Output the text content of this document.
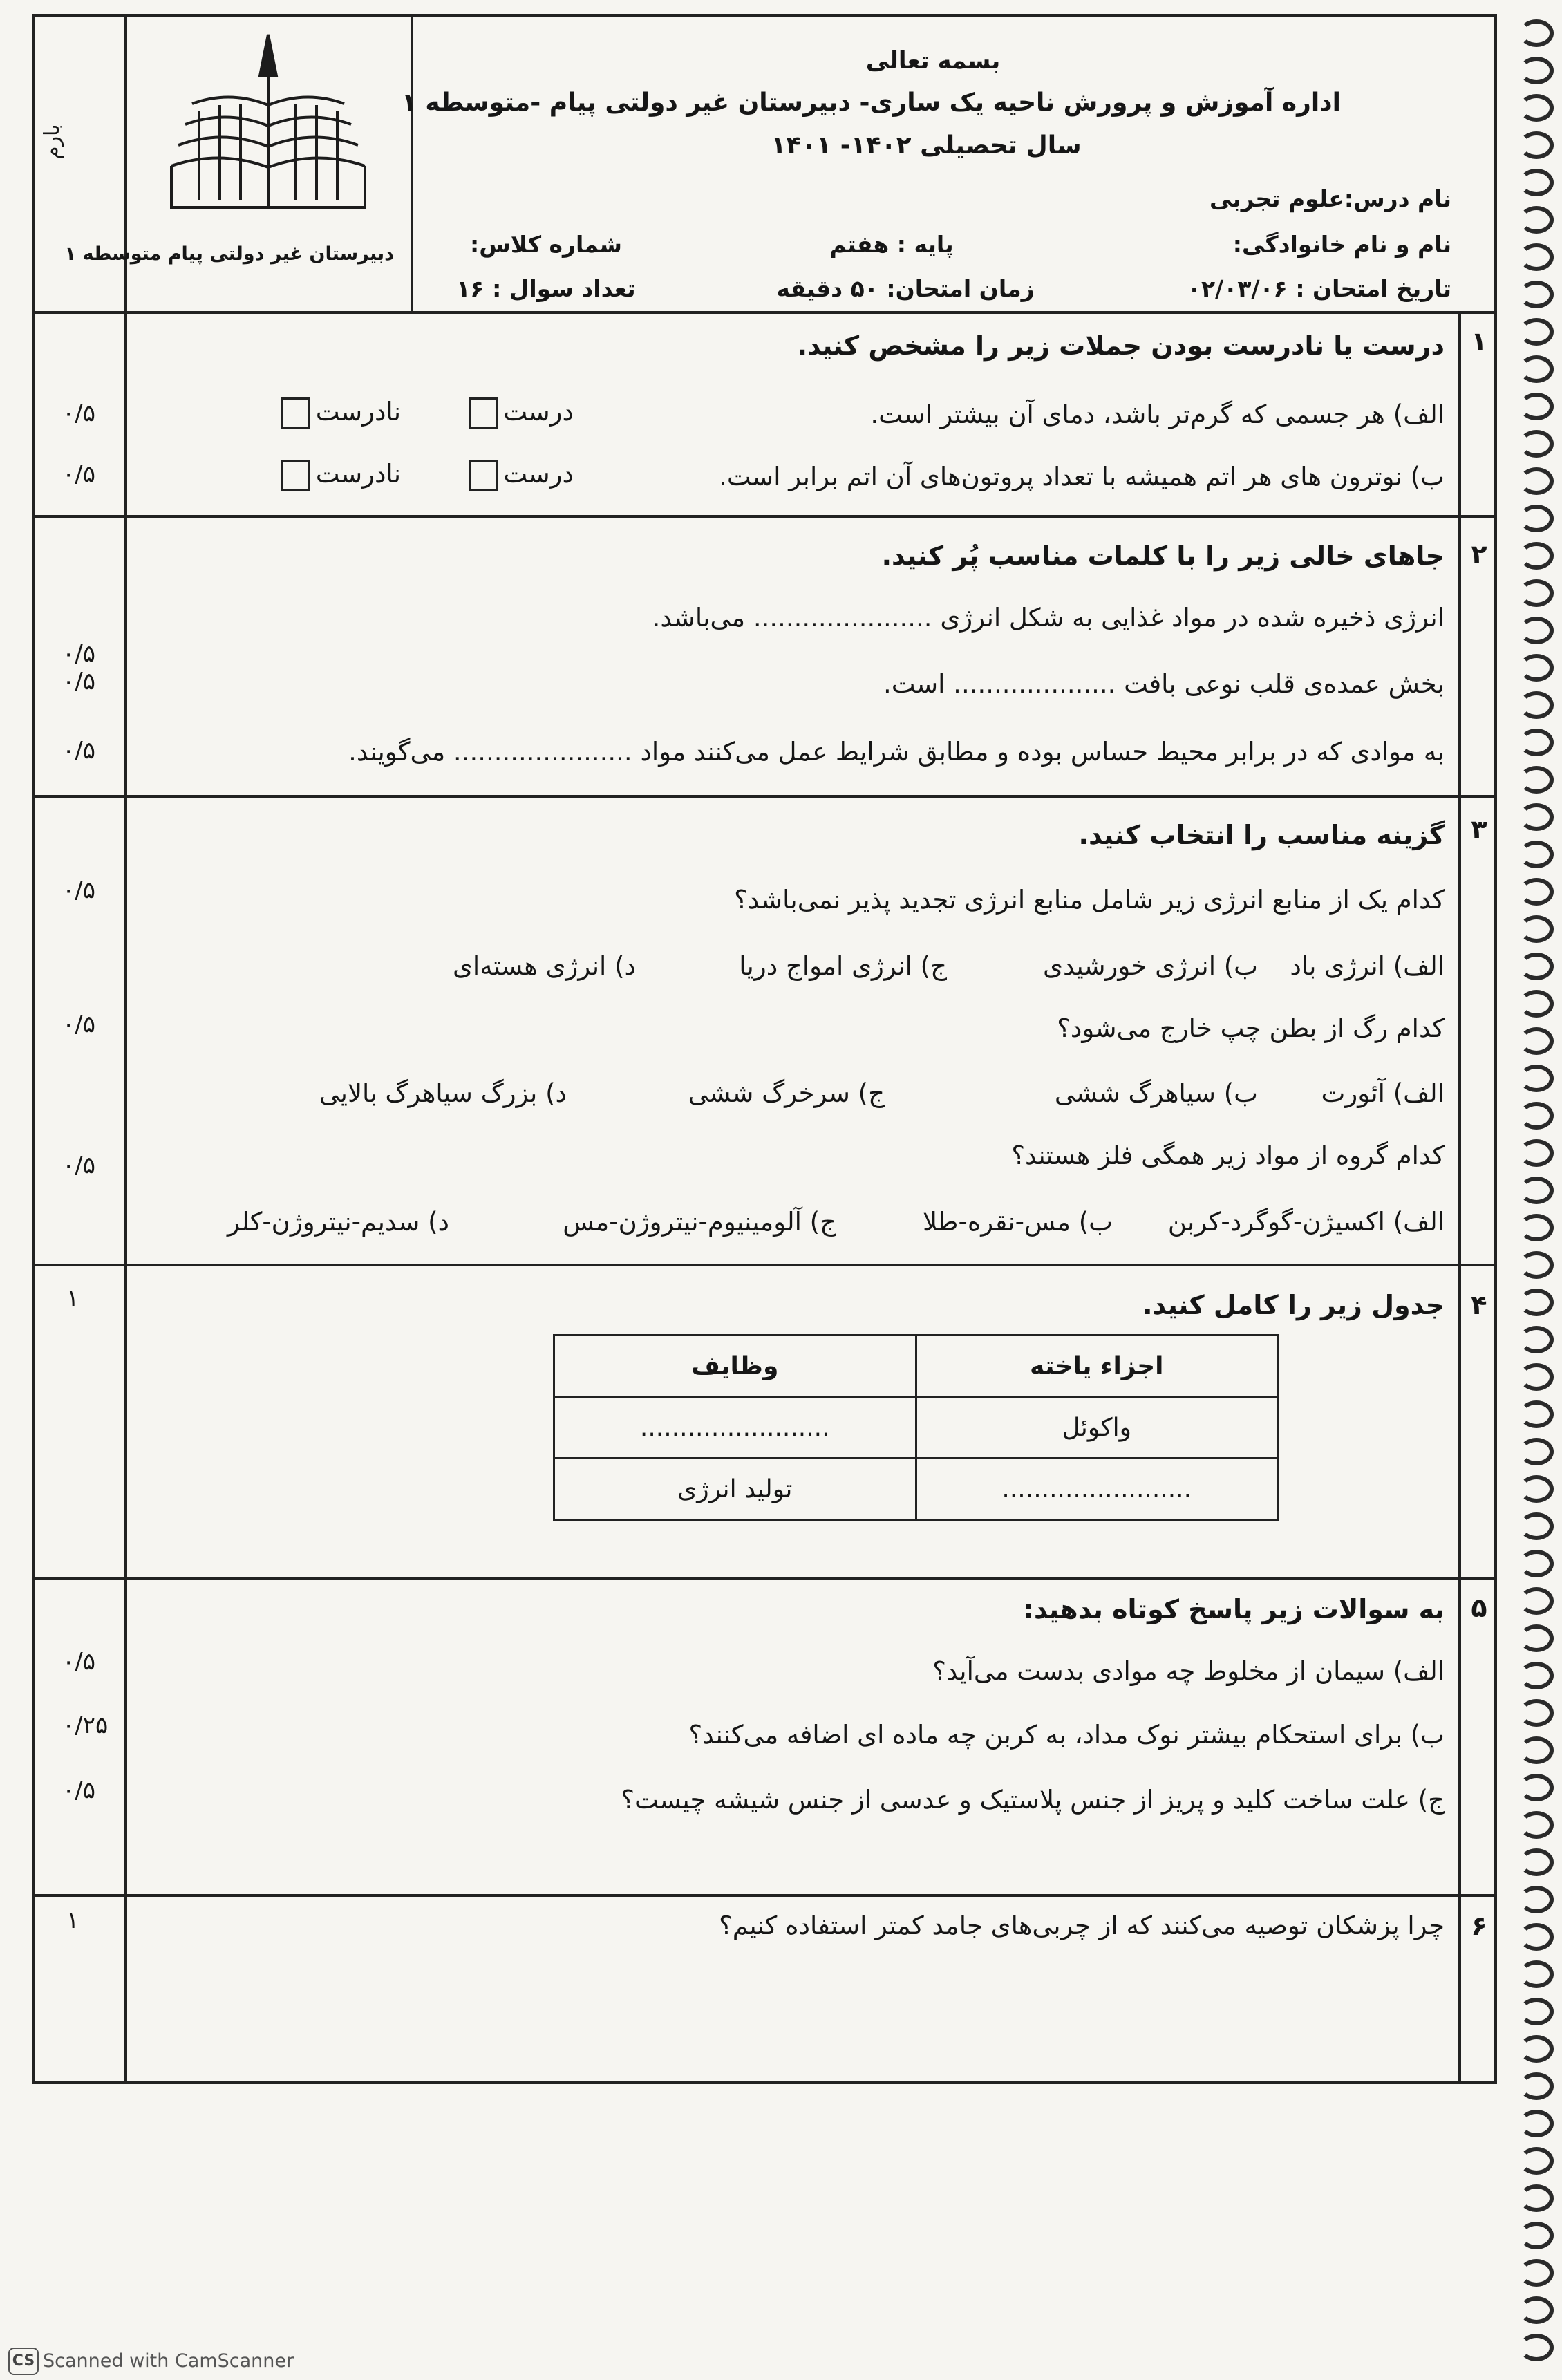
بارم
دبیرستان غیر دولتی پیام متوسطه ۱
بسمه تعالی
اداره آموزش و پرورش ناحیه یک ساری- دبیرستان غیر دولتی پیام -متوسطه ۱
سال تحصیلی ۱۴۰۲- ۱۴۰۱
نام درس:علوم تجربی
نام و نام خانوادگی:
تاریخ امتحان : ۰۲/۰۳/۰۶
پایه : هفتم
زمان امتحان: ۵۰ دقیقه
شماره کلاس:
تعداد سوال : ۱۶
۱
درست یا نادرست بودن جملات زیر را مشخص کنید.
الف) هر جسمی که گرم‌تر باشد، دمای آن بیشتر است.
ب) نوترون های هر اتم همیشه با تعداد پروتون‌های آن اتم برابر است.
درست
نادرست
درست
نادرست
۰/۵
۰/۵
۲
جاهای خالی زیر را با کلمات مناسب پُر کنید.
انرژی ذخیره شده در مواد غذایی به شکل انرژی ...................... می‌باشد.
بخش عمده‌ی قلب نوعی بافت .................... است.
به موادی که در برابر محیط حساس بوده و مطابق شرایط عمل می‌کنند مواد ...................... می‌گویند.
۰/۵
۰/۵
۰/۵
۳
گزینه مناسب را انتخاب کنید.
کدام یک از منابع انرژی زیر شامل منابع انرژی تجدید پذیر نمی‌باشد؟
الف) انرژی باد
ب) انرژی خورشیدی
ج) انرژی امواج دریا
د) انرژی هسته‌ای
کدام رگ از بطن چپ خارج می‌شود؟
الف) آئورت
ب) سیاهرگ ششی
ج) سرخرگ ششی
د) بزرگ سیاهرگ بالایی
کدام گروه از مواد زیر همگی فلز هستند؟
الف) اکسیژن-گوگرد-کربن
ب) مس-نقره-طلا
ج) آلومینیوم-نیتروژن-مس
د) سدیم-نیتروژن-کلر
۰/۵
۰/۵
۰/۵
۴
جدول زیر را کامل کنید.
۱
اجزاء یاخته	وظایف
واکوئل	........................
........................	تولید انرژی
۵
به سوالات زیر پاسخ کوتاه بدهید:
الف) سیمان از مخلوط چه موادی بدست می‌آید؟
ب) برای استحکام بیشتر نوک مداد، به کربن چه ماده ای اضافه می‌کنند؟
ج) علت ساخت کلید و پریز از جنس پلاستیک و عدسی از جنس شیشه چیست؟
۰/۵
۰/۲۵
۰/۵
۶
چرا پزشکان توصیه می‌کنند که از چربی‌های جامد کمتر استفاده کنیم؟
۱
CS Scanned with CamScanner
